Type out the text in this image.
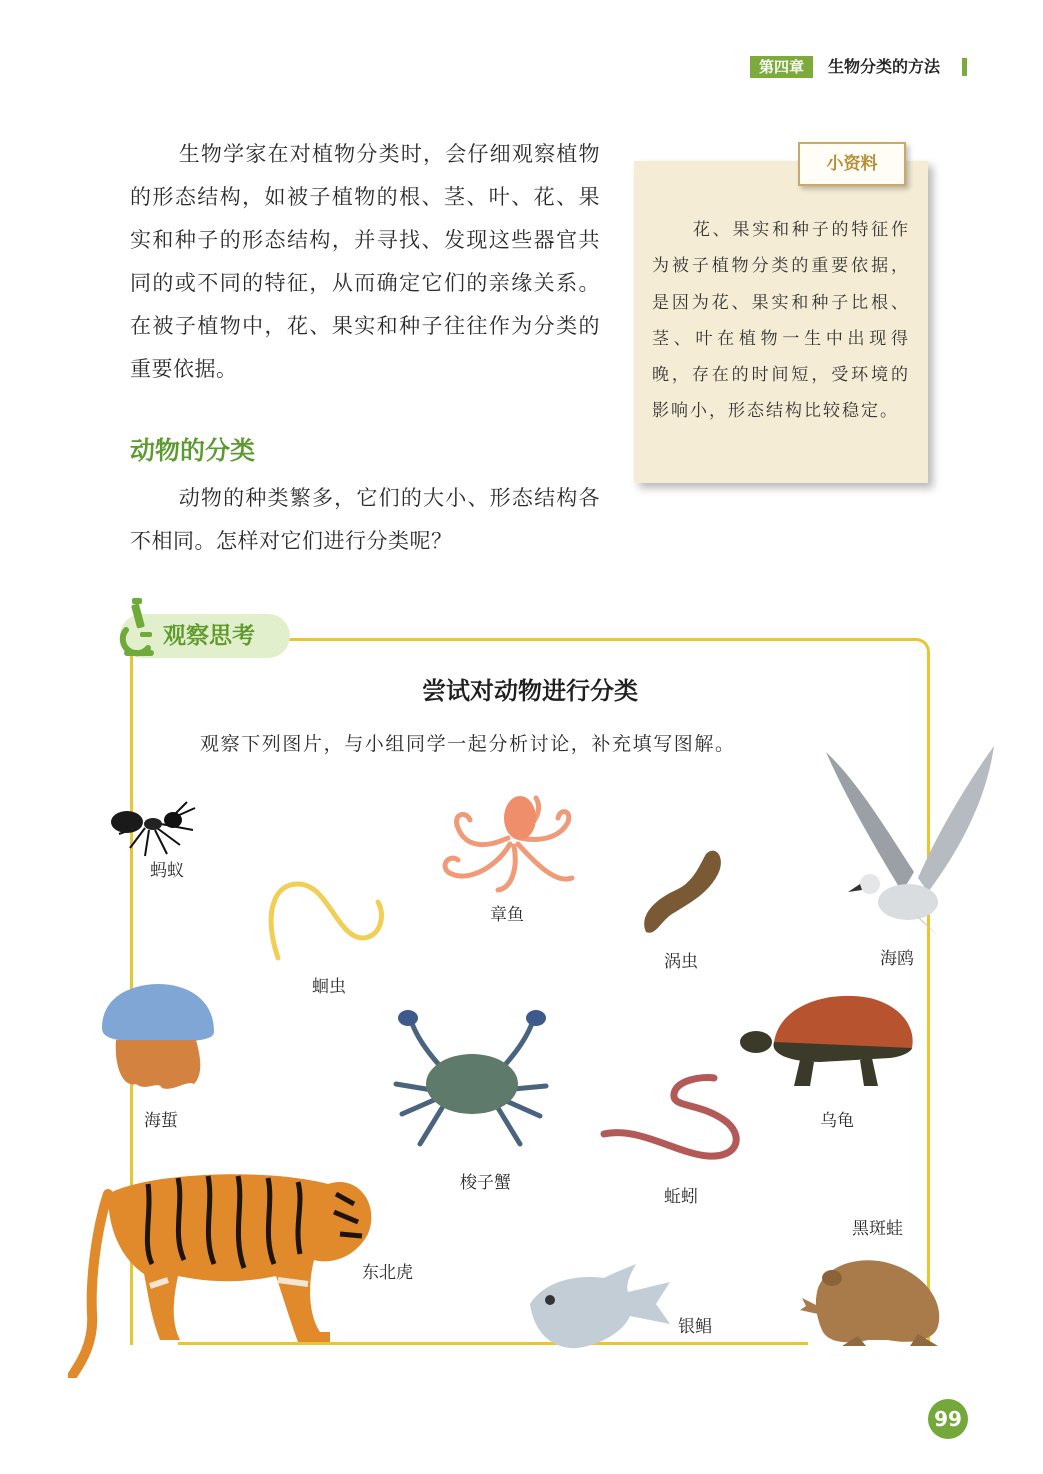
第四章	生物分类的方法

生物学家在对植物分类时，会仔细观察植物的形态结构，如被子植物的根、茎、叶、花、果实和种子的形态结构，并寻找、发现这些器官共同的或不同的特征，从而确定它们的亲缘关系。在被子植物中，花、果实和种子往往作为分类的重要依据。

动物的分类

动物的种类繁多，它们的大小、形态结构各不相同。怎样对它们进行分类呢？

小资料

花、果实和种子的特征作为被子植物分类的重要依据，是因为花、果实和种子比根、茎、叶在植物一生中出现得晚，存在的时间短，受环境的影响小，形态结构比较稳定。

观察思考
尝试对动物进行分类
观察下列图片，与小组同学一起分析讨论，补充填写图解。
蚂蚁
蛔虫
章鱼
涡虫	海鸥
海蜇
梭子蟹
蚯蚓
乌龟
东北虎
银鲳
黑斑蛙
99
